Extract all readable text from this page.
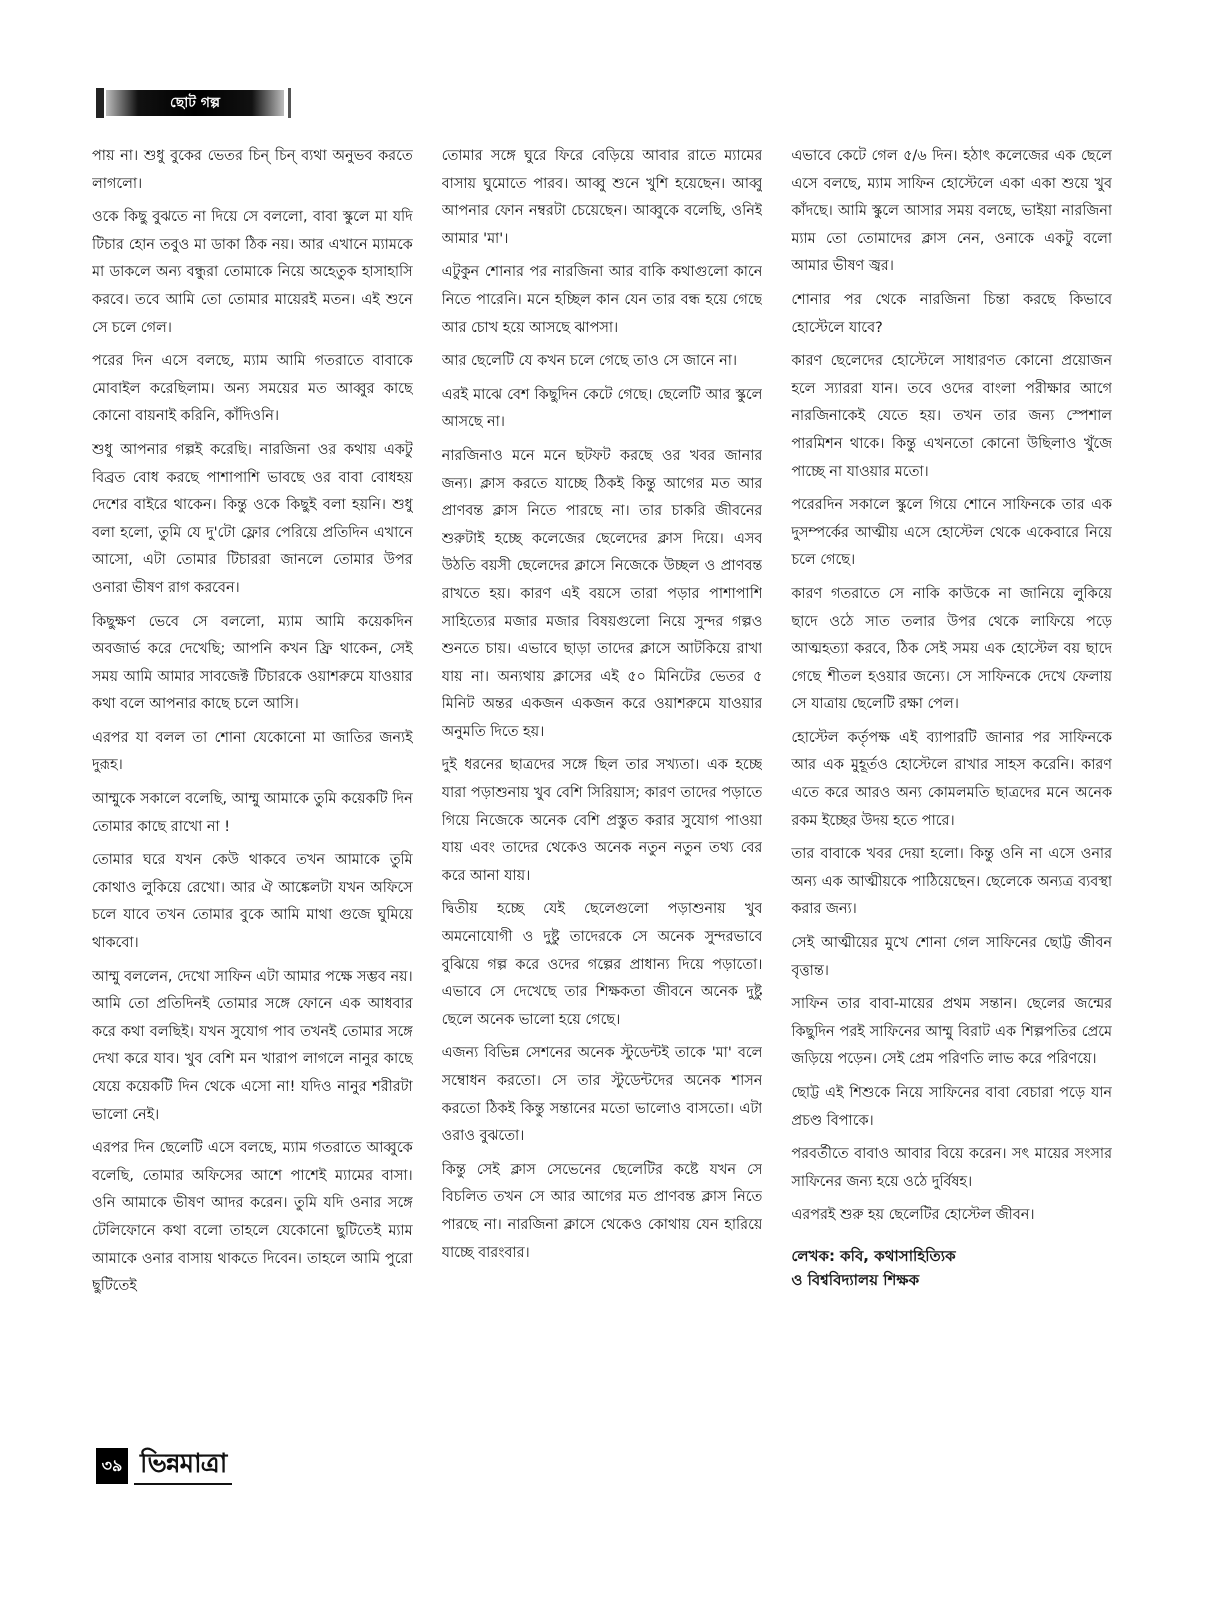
ছোট গল্প

পায় না। শুধু বুকের ভেতর চিন্ চিন্ ব্যথা অনুভব করতে লাগলো।

ওকে কিছু বুঝতে না দিয়ে সে বললো, বাবা স্কুলে মা যদি টিচার হোন তবুও মা ডাকা ঠিক নয়। আর এখানে ম্যামকে মা ডাকলে অন্য বন্ধুরা তোমাকে নিয়ে অহেতুক হাসাহাসি করবে। তবে আমি তো তোমার মায়েরই মতন। এই শুনে সে চলে গেল।

পরের দিন এসে বলছে, ম্যাম আমি গতরাতে বাবাকে মোবাইল করেছিলাম। অন্য সময়ের মত আব্বুর কাছে কোনো বায়নাই করিনি, কাঁদিওনি।

শুধু আপনার গল্পই করেছি। নারজিনা ওর কথায় একটু বিব্রত বোধ করছে পাশাপাশি ভাবছে ওর বাবা বোধহয় দেশের বাইরে থাকেন। কিন্তু ওকে কিছুই বলা হয়নি। শুধু বলা হলো, তুমি যে দু'টো ফ্লোর পেরিয়ে প্রতিদিন এখানে আসো, এটা তোমার টিচাররা জানলে তোমার উপর ওনারা ভীষণ রাগ করবেন।

কিছুক্ষণ ভেবে সে বললো, ম্যাম আমি কয়েকদিন অবজার্ভ করে দেখেছি; আপনি কখন ফ্রি থাকেন, সেই সময় আমি আমার সাবজেক্ট টিচারকে ওয়াশরুমে যাওয়ার কথা বলে আপনার কাছে চলে আসি।

এরপর যা বলল তা শোনা যেকোনো মা জাতির জন্যই দুরূহ।

আম্মুকে সকালে বলেছি, আম্মু আমাকে তুমি কয়েকটি দিন তোমার কাছে রাখো না !

তোমার ঘরে যখন কেউ থাকবে তখন আমাকে তুমি কোথাও লুকিয়ে রেখো। আর ঐ আঙ্কেলটা যখন অফিসে চলে যাবে তখন তোমার বুকে আমি মাথা গুজে ঘুমিয়ে থাকবো।

আম্মু বললেন, দেখো সাফিন এটা আমার পক্ষে সম্ভব নয়। আমি তো প্রতিদিনই তোমার সঙ্গে ফোনে এক আধবার করে কথা বলছিই। যখন সুযোগ পাব তখনই তোমার সঙ্গে দেখা করে যাব। খুব বেশি মন খারাপ লাগলে নানুর কাছে যেয়ে কয়েকটি দিন থেকে এসো না! যদিও নানুর শরীরটা ভালো নেই।

এরপর দিন ছেলেটি এসে বলছে, ম্যাম গতরাতে আব্বুকে বলেছি, তোমার অফিসের আশে পাশেই ম্যামের বাসা। ওনি আমাকে ভীষণ আদর করেন। তুমি যদি ওনার সঙ্গে টেলিফোনে কথা বলো তাহলে যেকোনো ছুটিতেই ম্যাম আমাকে ওনার বাসায় থাকতে দিবেন। তাহলে আমি পুরো ছুটিতেই

তোমার সঙ্গে ঘুরে ফিরে বেড়িয়ে আবার রাতে ম্যামের বাসায় ঘুমোতে পারব। আব্বু শুনে খুশি হয়েছেন। আব্বু আপনার ফোন নম্বরটা চেয়েছেন। আব্বুকে বলেছি, ওনিই আমার 'মা'।

এটুকুন শোনার পর নারজিনা আর বাকি কথাগুলো কানে নিতে পারেনি। মনে হচ্ছিল কান যেন তার বন্ধ হয়ে গেছে আর চোখ হয়ে আসছে ঝাপসা।

আর ছেলেটি যে কখন চলে গেছে তাও সে জানে না।

এরই মাঝে বেশ কিছুদিন কেটে গেছে। ছেলেটি আর স্কুলে আসছে না।

নারজিনাও মনে মনে ছটফট করছে ওর খবর জানার জন্য। ক্লাস করতে যাচ্ছে ঠিকই কিন্তু আগের মত আর প্রাণবন্ত ক্লাস নিতে পারছে না। তার চাকরি জীবনের শুরুটাই হচ্ছে কলেজের ছেলেদের ক্লাস দিয়ে। এসব উঠতি বয়সী ছেলেদের ক্লাসে নিজেকে উচ্ছল ও প্রাণবন্ত রাখতে হয়। কারণ এই বয়সে তারা পড়ার পাশাপাশি সাহিত্যের মজার মজার বিষয়গুলো নিয়ে সুন্দর গল্পও শুনতে চায়। এভাবে ছাড়া তাদের ক্লাসে আটকিয়ে রাখা যায় না। অন্যথায় ক্লাসের এই ৫০ মিনিটের ভেতর ৫ মিনিট অন্তর একজন একজন করে ওয়াশরুমে যাওয়ার অনুমতি দিতে হয়।

দুই ধরনের ছাত্রদের সঙ্গে ছিল তার সখ্যতা। এক হচ্ছে যারা পড়াশুনায় খুব বেশি সিরিয়াস; কারণ তাদের পড়াতে গিয়ে নিজেকে অনেক বেশি প্রস্তুত করার সুযোগ পাওয়া যায় এবং তাদের থেকেও অনেক নতুন নতুন তথ্য বের করে আনা যায়।

দ্বিতীয় হচ্ছে যেই ছেলেগুলো পড়াশুনায় খুব অমনোযোগী ও দুষ্টু তাদেরকে সে অনেক সুন্দরভাবে বুঝিয়ে গল্প করে ওদের গল্পের প্রাধান্য দিয়ে পড়াতো। এভাবে সে দেখেছে তার শিক্ষকতা জীবনে অনেক দুষ্টু ছেলে অনেক ভালো হয়ে গেছে।

এজন্য বিভিন্ন সেশনের অনেক স্টুডেন্টই তাকে 'মা' বলে সম্বোধন করতো। সে তার স্টুডেন্টদের অনেক শাসন করতো ঠিকই কিন্তু সন্তানের মতো ভালোও বাসতো। এটা ওরাও বুঝতো।

কিন্তু সেই ক্লাস সেভেনের ছেলেটির কষ্টে যখন সে বিচলিত তখন সে আর আগের মত প্রাণবন্ত ক্লাস নিতে পারছে না। নারজিনা ক্লাসে থেকেও কোথায় যেন হারিয়ে যাচ্ছে বারংবার।

এভাবে কেটে গেল ৫/৬ দিন। হঠাৎ কলেজের এক ছেলে এসে বলছে, ম্যাম সাফিন হোস্টেলে একা একা শুয়ে খুব কাঁদছে। আমি স্কুলে আসার সময় বলছে, ভাইয়া নারজিনা ম্যাম তো তোমাদের ক্লাস নেন, ওনাকে একটু বলো আমার ভীষণ জ্বর।

শোনার পর থেকে নারজিনা চিন্তা করছে কিভাবে হোস্টেলে যাবে?

কারণ ছেলেদের হোস্টেলে সাধারণত কোনো প্রয়োজন হলে স্যাররা যান। তবে ওদের বাংলা পরীক্ষার আগে নারজিনাকেই যেতে হয়। তখন তার জন্য স্পেশাল পারমিশন থাকে। কিন্তু এখনতো কোনো উছিলাও খুঁজে পাচ্ছে না যাওয়ার মতো।

পরেরদিন সকালে স্কুলে গিয়ে শোনে সাফিনকে তার এক দুসম্পর্কের আত্মীয় এসে হোস্টেল থেকে একেবারে নিয়ে চলে গেছে।

কারণ গতরাতে সে নাকি কাউকে না জানিয়ে লুকিয়ে ছাদে ওঠে সাত তলার উপর থেকে লাফিয়ে পড়ে আত্মহত্যা করবে, ঠিক সেই সময় এক হোস্টেল বয় ছাদে গেছে শীতল হওয়ার জন্যে। সে সাফিনকে দেখে ফেলায় সে যাত্রায় ছেলেটি রক্ষা পেল।

হোস্টেল কর্তৃপক্ষ এই ব্যাপারটি জানার পর সাফিনকে আর এক মুহূর্তও হোস্টেলে রাখার সাহস করেনি। কারণ এতে করে আরও অন্য কোমলমতি ছাত্রদের মনে অনেক রকম ইচ্ছের উদয় হতে পারে।

তার বাবাকে খবর দেয়া হলো। কিন্তু ওনি না এসে ওনার অন্য এক আত্মীয়কে পাঠিয়েছেন। ছেলেকে অন্যত্র ব্যবস্থা করার জন্য।

সেই আত্মীয়ের মুখে শোনা গেল সাফিনের ছোট্ট জীবন বৃত্তান্ত।

সাফিন তার বাবা-মায়ের প্রথম সন্তান। ছেলের জন্মের কিছুদিন পরই সাফিনের আম্মু বিরাট এক শিল্পপতির প্রেমে জড়িয়ে পড়েন। সেই প্রেম পরিণতি লাভ করে পরিণয়ে।

ছোট্ট এই শিশুকে নিয়ে সাফিনের বাবা বেচারা পড়ে যান প্রচণ্ড বিপাকে।

পরবর্তীতে বাবাও আবার বিয়ে করেন। সৎ মায়ের সংসার সাফিনের জন্য হয়ে ওঠে দুর্বিষহ।

এরপরই শুরু হয় ছেলেটির হোস্টেল জীবন।

লেখক: কবি, কথাসাহিত্যিক
ও বিশ্ববিদ্যালয় শিক্ষক
৩৯ ভিন্নমাত্রা
